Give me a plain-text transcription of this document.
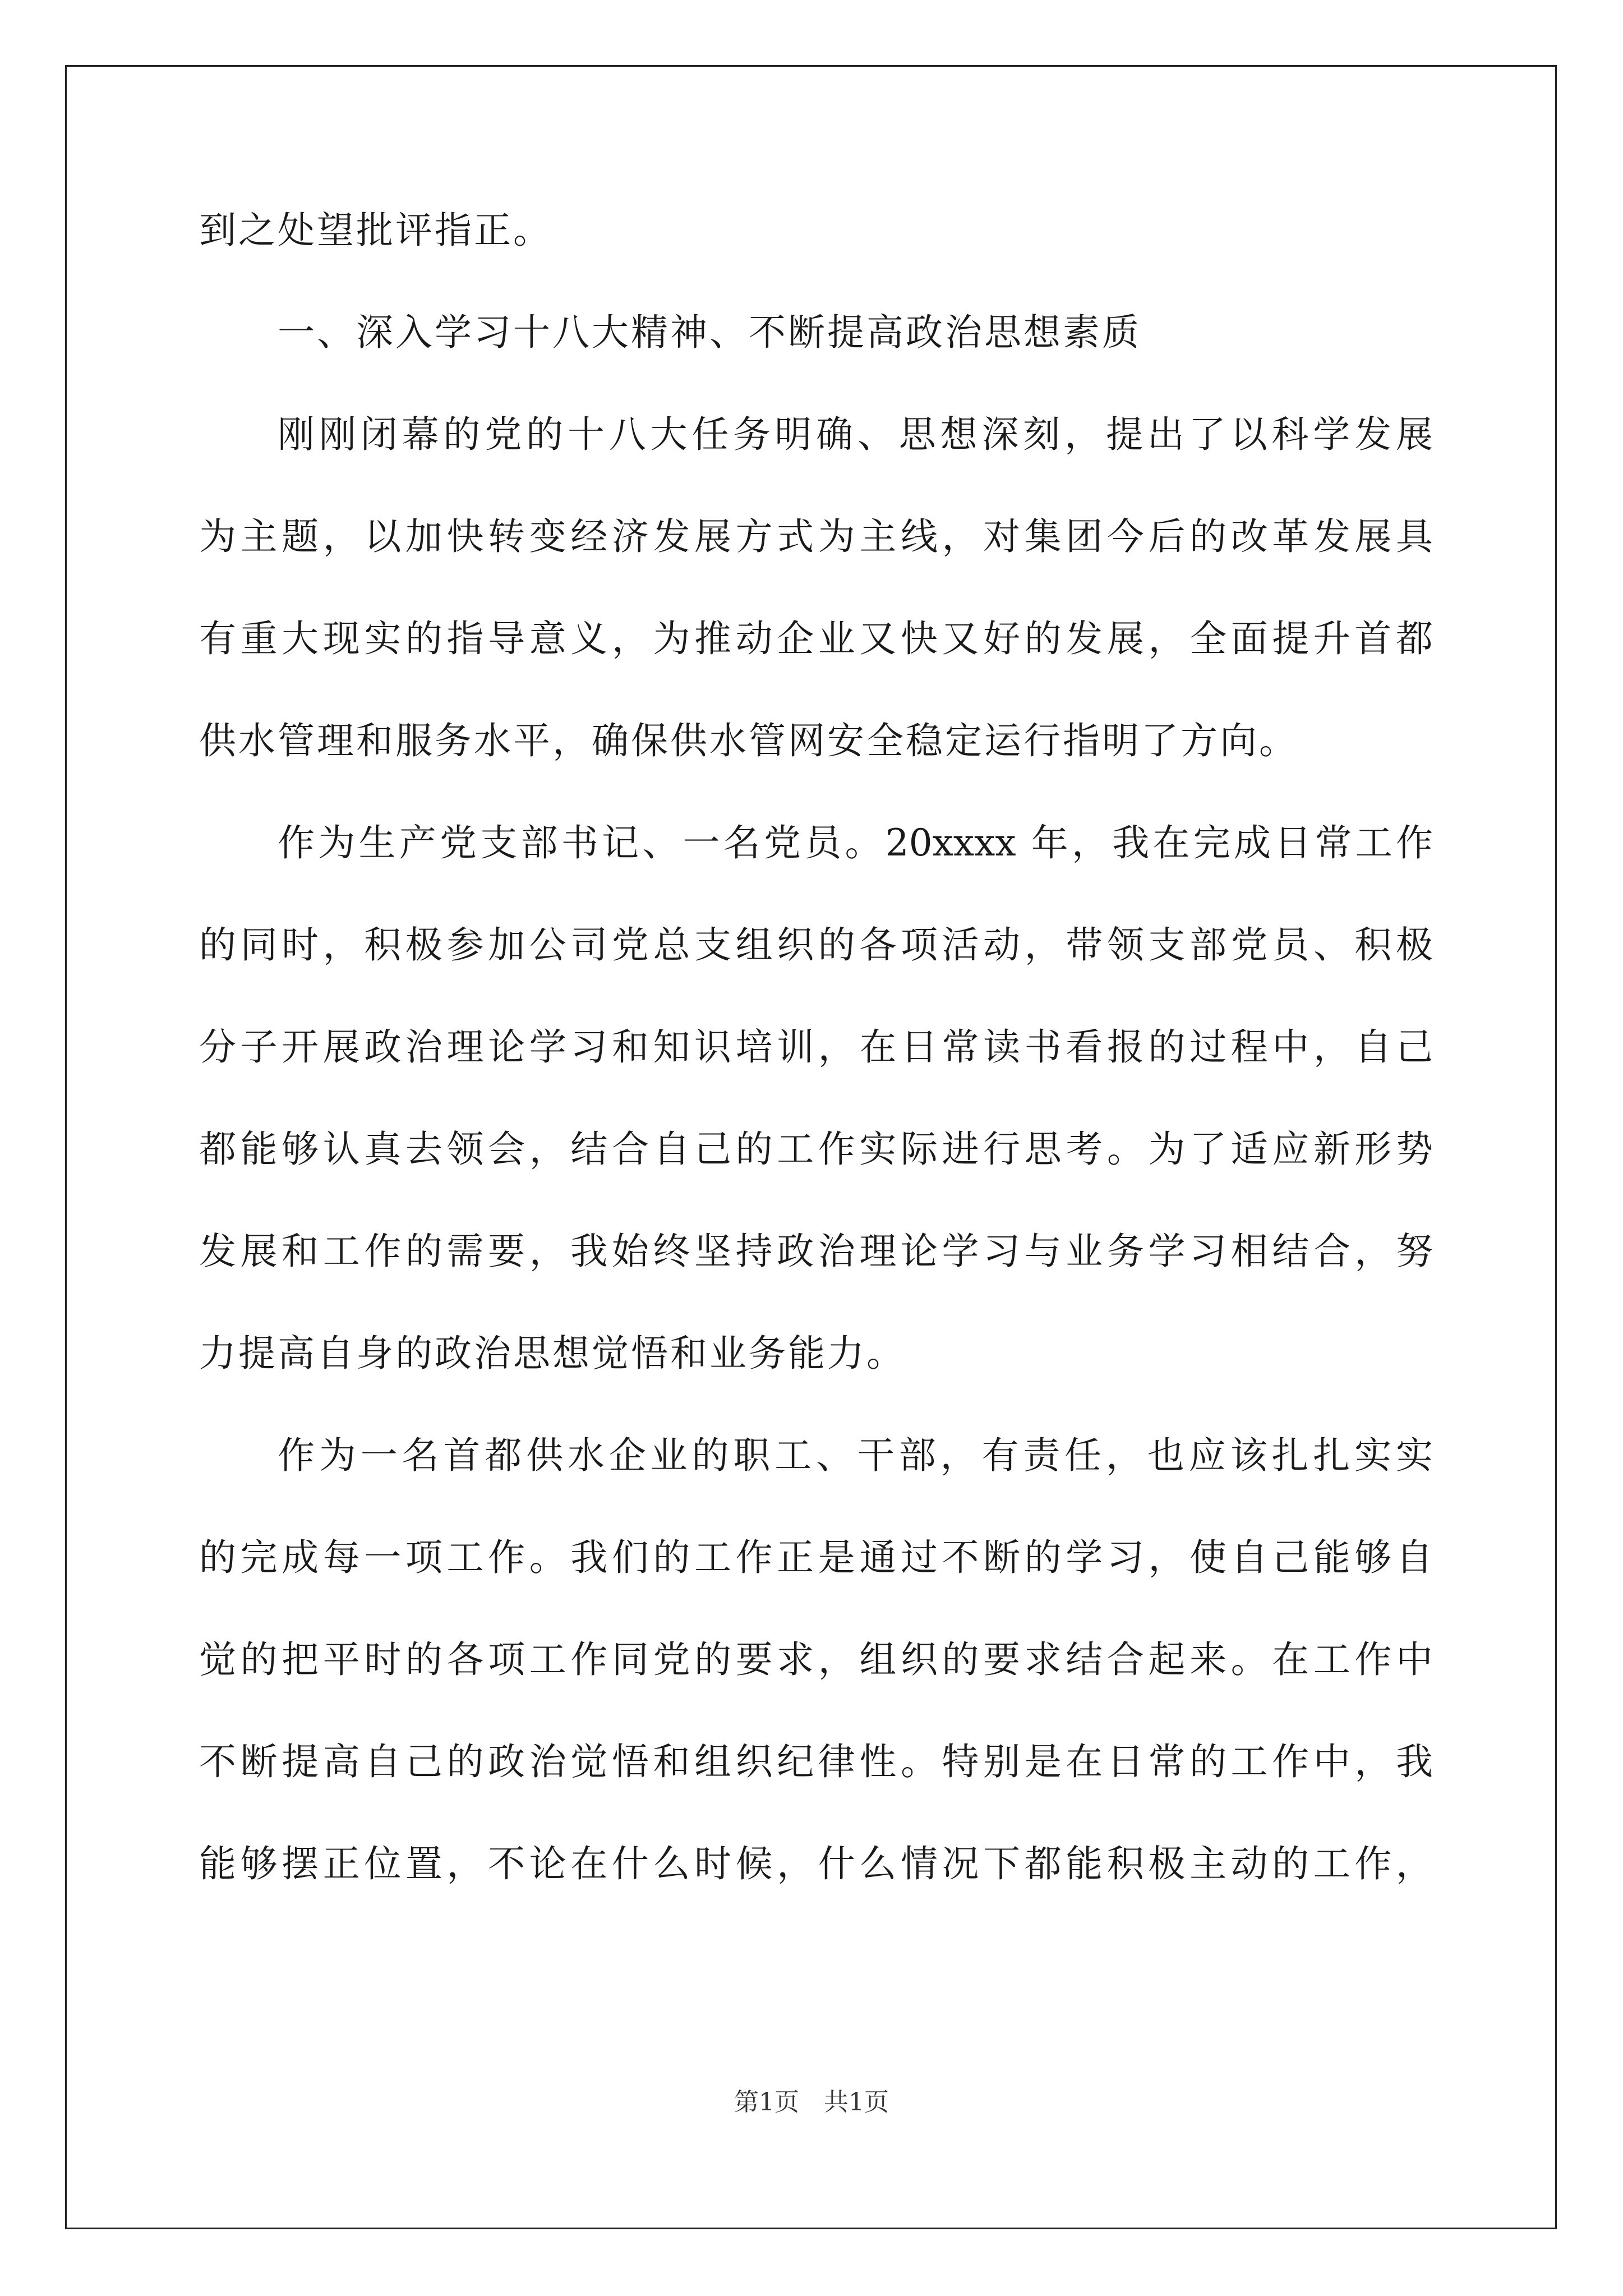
到之处望批评指正。
一、深入学习十八大精神、不断提高政治思想素质
刚刚闭幕的党的十八大任务明确、思想深刻，提出了以科学发展
为主题，以加快转变经济发展方式为主线，对集团今后的改革发展具
有重大现实的指导意义，为推动企业又快又好的发展，全面提升首都
供水管理和服务水平，确保供水管网安全稳定运行指明了方向。
作为生产党支部书记、一名党员。20xxxx 年，我在完成日常工作
的同时，积极参加公司党总支组织的各项活动，带领支部党员、积极
分子开展政治理论学习和知识培训，在日常读书看报的过程中，自己
都能够认真去领会，结合自己的工作实际进行思考。为了适应新形势
发展和工作的需要，我始终坚持政治理论学习与业务学习相结合，努
力提高自身的政治思想觉悟和业务能力。
作为一名首都供水企业的职工、干部，有责任，也应该扎扎实实
的完成每一项工作。我们的工作正是通过不断的学习，使自己能够自
觉的把平时的各项工作同党的要求，组织的要求结合起来。在工作中
不断提高自己的政治觉悟和组织纪律性。特别是在日常的工作中，我
能够摆正位置，不论在什么时候，什么情况下都能积极主动的工作，
第1页　共1页
